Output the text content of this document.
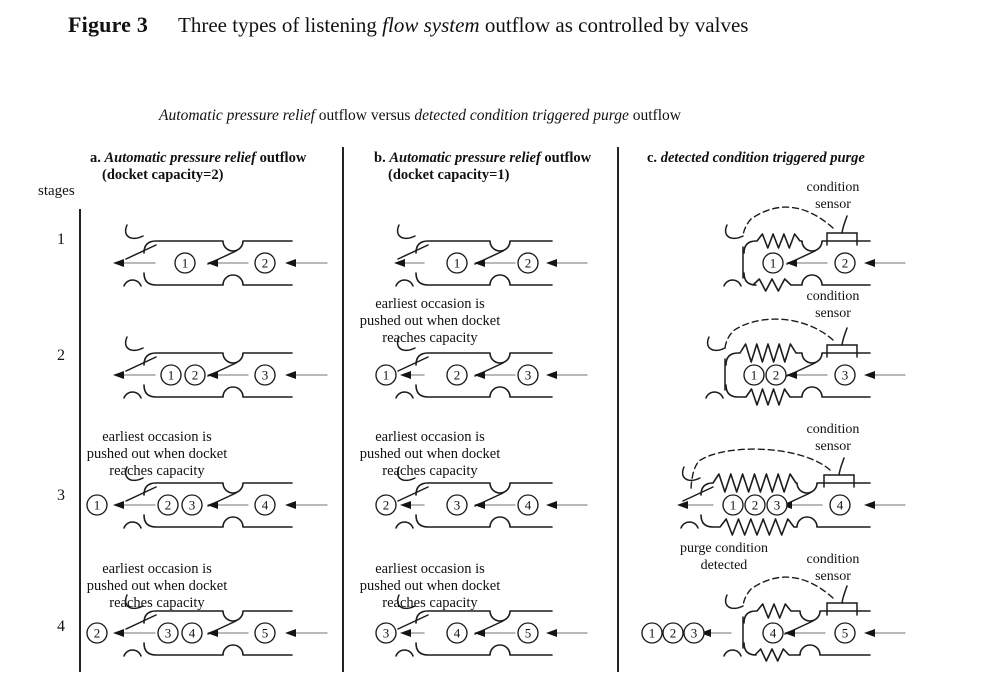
Figure 3 Three types of listening flow system outflow as controlled by valves
Automatic pressure relief outflow versus detected condition triggered purge outflow
a. Automatic pressure relief outflow
(docket capacity=2)
b. Automatic pressure relief outflow
(docket capacity=1)
c. detected condition triggered purge
stages
1
2
3
4
earliest occasion is
pushed out when docket
reaches capacity
earliest occasion is
pushed out when docket
reaches capacity
earliest occasion is
pushed out when docket
reaches capacity
earliest occasion is
pushed out when docket
reaches capacity
earliest occasion is
pushed out when docket
reaches capacity
condition
sensor
condition
sensor
condition
sensor
condition
sensor
purge condition
detected
1	2
1 2	3
1	2 3	4
2	3 4	5
1	2
1	2	3
2	3	4
3	4	5
1	2
1 2	3
1 2 3	4
1 2 3	4	5
